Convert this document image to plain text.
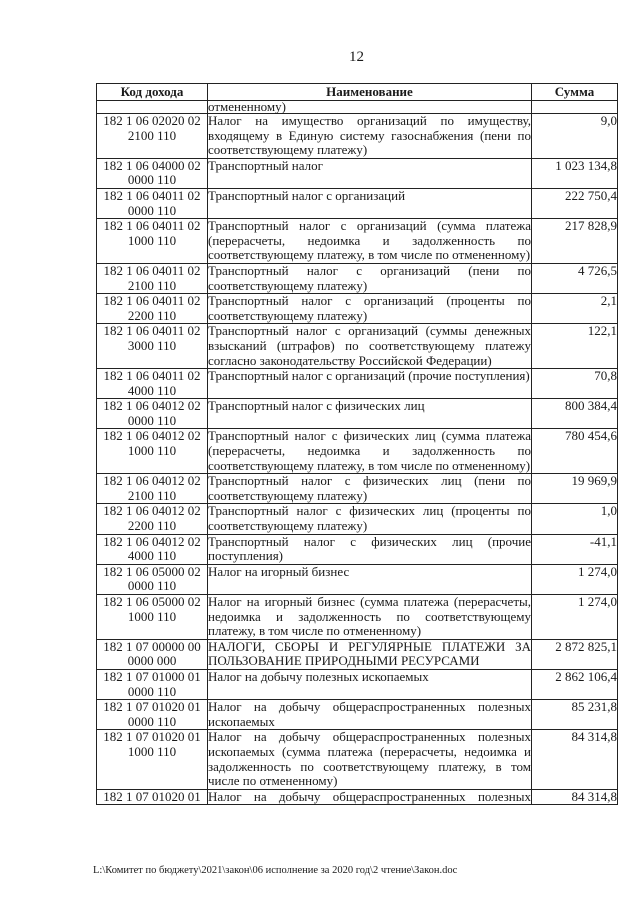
12
Код дохода	Наименование	Сумма
	отмененному)	
182 1 06 02020 02 2100 110	Налог на имущество организаций по имуществу, входящему в Единую систему газоснабжения (пени по соответствующему платежу)	9,0
182 1 06 04000 02 0000 110	Транспортный налог	1 023 134,8
182 1 06 04011 02 0000 110	Транспортный налог с организаций	222 750,4
182 1 06 04011 02 1000 110	Транспортный налог с организаций (сумма платежа (перерасчеты, недоимка и задолженность по соответствующему платежу, в том числе по отмененному)	217 828,9
182 1 06 04011 02 2100 110	Транспортный налог с организаций (пени по соответствующему платежу)	4 726,5
182 1 06 04011 02 2200 110	Транспортный налог с организаций (проценты по соответствующему платежу)	2,1
182 1 06 04011 02 3000 110	Транспортный налог с организаций (суммы денежных взысканий (штрафов) по соответствующему платежу согласно законодательству Российской Федерации)	122,1
182 1 06 04011 02 4000 110	Транспортный налог с организаций (прочие поступления)	70,8
182 1 06 04012 02 0000 110	Транспортный налог с физических лиц	800 384,4
182 1 06 04012 02 1000 110	Транспортный налог с физических лиц (сумма платежа (перерасчеты, недоимка и задолженность по соответствующему платежу, в том числе по отмененному)	780 454,6
182 1 06 04012 02 2100 110	Транспортный налог с физических лиц (пени по соответствующему платежу)	19 969,9
182 1 06 04012 02 2200 110	Транспортный налог с физических лиц (проценты по соответствующему платежу)	1,0
182 1 06 04012 02 4000 110	Транспортный налог с физических лиц (прочие поступления)	-41,1
182 1 06 05000 02 0000 110	Налог на игорный бизнес	1 274,0
182 1 06 05000 02 1000 110	Налог на игорный бизнес (сумма платежа (перерасчеты, недоимка и задолженность по соответствующему платежу, в том числе по отмененному)	1 274,0
182 1 07 00000 00 0000 000	НАЛОГИ, СБОРЫ И РЕГУЛЯРНЫЕ ПЛАТЕЖИ ЗА ПОЛЬЗОВАНИЕ ПРИРОДНЫМИ РЕСУРСАМИ	2 872 825,1
182 1 07 01000 01 0000 110	Налог на добычу полезных ископаемых	2 862 106,4
182 1 07 01020 01 0000 110	Налог на добычу общераспространенных полезных ископаемых	85 231,8
182 1 07 01020 01 1000 110	Налог на добычу общераспространенных полезных ископаемых (сумма платежа (перерасчеты, недоимка и задолженность по соответствующему платежу, в том числе по отмененному)	84 314,8
182 1 07 01020 01	Налог на добычу общераспространенных полезных	84 314,8
L:\Комитет по бюджету\2021\закон\06 исполнение за 2020 год\2 чтение\Закон.doc
